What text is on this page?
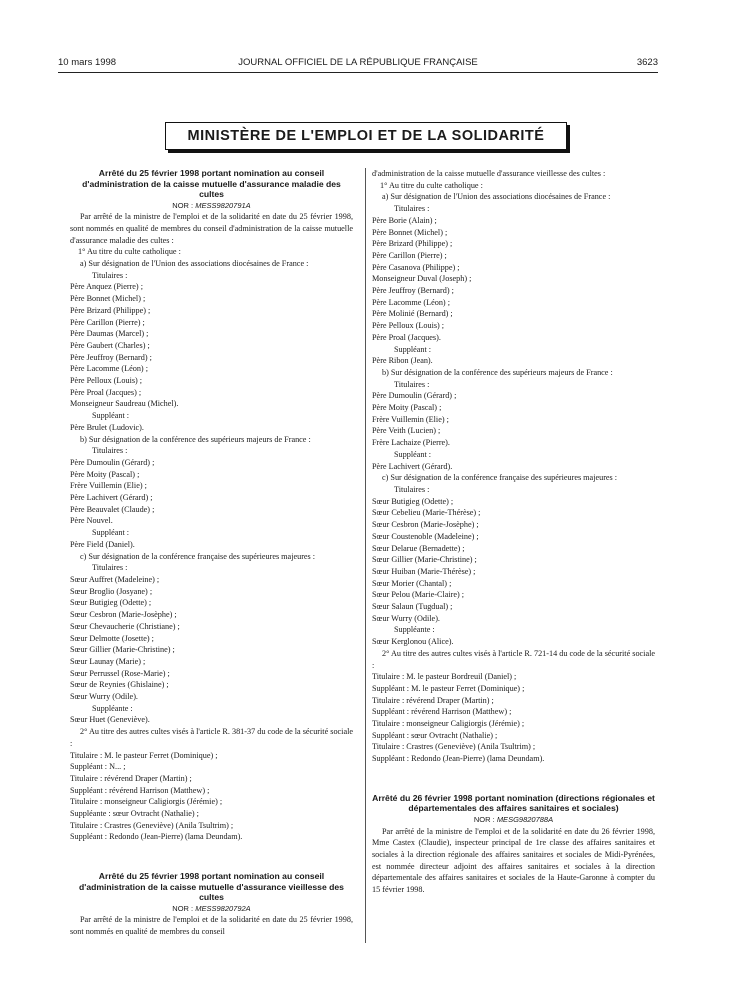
10 mars 1998	JOURNAL OFFICIEL DE LA RÉPUBLIQUE FRANÇAISE	3623
MINISTÈRE DE L'EMPLOI ET DE LA SOLIDARITÉ

Arrêté du 25 février 1998 portant nomination au conseil d'administration de la caisse mutuelle d'assurance maladie des cultes

NOR : MESS9820791A

Par arrêté de la ministre de l'emploi et de la solidarité en date du 25 février 1998, sont nommés en qualité de membres du conseil d'administration de la caisse mutuelle d'assurance maladie des cultes :

1° Au titre du culte catholique :

a) Sur désignation de l'Union des associations diocésaines de France :

Titulaires :

Père Anquez (Pierre) ;

Père Bonnet (Michel) ;

Père Brizard (Philippe) ;

Père Carillon (Pierre) ;

Père Daumas (Marcel) ;

Père Gaubert (Charles) ;

Père Jeuffroy (Bernard) ;

Père Lacomme (Léon) ;

Père Pelloux (Louis) ;

Père Proal (Jacques) ;

Monseigneur Saudreau (Michel).

Suppléant :

Père Brulet (Ludovic).

b) Sur désignation de la conférence des supérieurs majeurs de France :

Titulaires :

Père Dumoulin (Gérard) ;

Père Moity (Pascal) ;

Frère Vuillemin (Elie) ;

Père Lachivert (Gérard) ;

Père Beauvalet (Claude) ;

Père Nouvel.

Suppléant :

Père Field (Daniel).

c) Sur désignation de la conférence française des supérieures majeures :

Titulaires :

Sœur Auffret (Madeleine) ;

Sœur Broglio (Josyane) ;

Sœur Butigieg (Odette) ;

Sœur Cesbron (Marie-Josèphe) ;

Sœur Chevaucherie (Christiane) ;

Sœur Delmotte (Josette) ;

Sœur Gillier (Marie-Christine) ;

Sœur Launay (Marie) ;

Sœur Perrussel (Rose-Marie) ;

Sœur de Reynies (Ghislaine) ;

Sœur Wurry (Odile).

Suppléante :

Sœur Huet (Geneviève).

2° Au titre des autres cultes visés à l'article R. 381-37 du code de la sécurité sociale :

Titulaire : M. le pasteur Ferret (Dominique) ;

Suppléant : N... ;

Titulaire : révérend Draper (Martin) ;

Suppléant : révérend Harrison (Matthew) ;

Titulaire : monseigneur Caligiorgis (Jérémie) ;

Suppléante : sœur Ovtracht (Nathalie) ;

Titulaire : Crastres (Geneviève) (Anila Tsultrim) ;

Suppléant : Redondo (Jean-Pierre) (lama Deundam).

Arrêté du 25 février 1998 portant nomination au conseil d'administration de la caisse mutuelle d'assurance vieillesse des cultes

NOR : MESS9820792A

Par arrêté de la ministre de l'emploi et de la solidarité en date du 25 février 1998, sont nommés en qualité de membres du conseil

d'administration de la caisse mutuelle d'assurance vieillesse des cultes :

1° Au titre du culte catholique :

a) Sur désignation de l'Union des associations diocésaines de France :

Titulaires :

Père Borie (Alain) ;

Père Bonnet (Michel) ;

Père Brizard (Philippe) ;

Père Carillon (Pierre) ;

Père Casanova (Philippe) ;

Monseigneur Duval (Joseph) ;

Père Jeuffroy (Bernard) ;

Père Lacomme (Léon) ;

Père Molinié (Bernard) ;

Père Pelloux (Louis) ;

Père Proal (Jacques).

Suppléant :

Père Ribon (Jean).

b) Sur désignation de la conférence des supérieurs majeurs de France :

Titulaires :

Père Dumoulin (Gérard) ;

Père Moity (Pascal) ;

Frère Vuillemin (Elie) ;

Père Veith (Lucien) ;

Frère Lachaize (Pierre).

Suppléant :

Père Lachivert (Gérard).

c) Sur désignation de la conférence française des supérieures majeures :

Titulaires :

Sœur Butigieg (Odette) ;

Sœur Cebelieu (Marie-Thérèse) ;

Sœur Cesbron (Marie-Josèphe) ;

Sœur Coustenoble (Madeleine) ;

Sœur Delarue (Bernadette) ;

Sœur Gillier (Marie-Christine) ;

Sœur Huiban (Marie-Thérèse) ;

Sœur Morier (Chantal) ;

Sœur Pelou (Marie-Claire) ;

Sœur Salaun (Tugdual) ;

Sœur Wurry (Odile).

Suppléante :

Sœur Kerglonou (Alice).

2° Au titre des autres cultes visés à l'article R. 721-14 du code de la sécurité sociale :

Titulaire : M. le pasteur Bordreuil (Daniel) ;

Suppléant : M. le pasteur Ferret (Dominique) ;

Titulaire : révérend Draper (Martin) ;

Suppléant : révérend Harrison (Matthew) ;

Titulaire : monseigneur Caligiorgis (Jérémie) ;

Suppléant : sœur Ovtracht (Nathalie) ;

Titulaire : Crastres (Geneviève) (Anila Tsultrim) ;

Suppléant : Redondo (Jean-Pierre) (lama Deundam).

Arrêté du 26 février 1998 portant nomination (directions régionales et départementales des affaires sanitaires et sociales)

NOR : MESG9820788A

Par arrêté de la ministre de l'emploi et de la solidarité en date du 26 février 1998, Mme Castex (Claudie), inspecteur principal de 1re classe des affaires sanitaires et sociales à la direction régionale des affaires sanitaires et sociales de Midi-Pyrénées, est nommée directeur adjoint des affaires sanitaires et sociales à la direction départementale des affaires sanitaires et sociales de la Haute-Garonne à compter du 15 février 1998.
